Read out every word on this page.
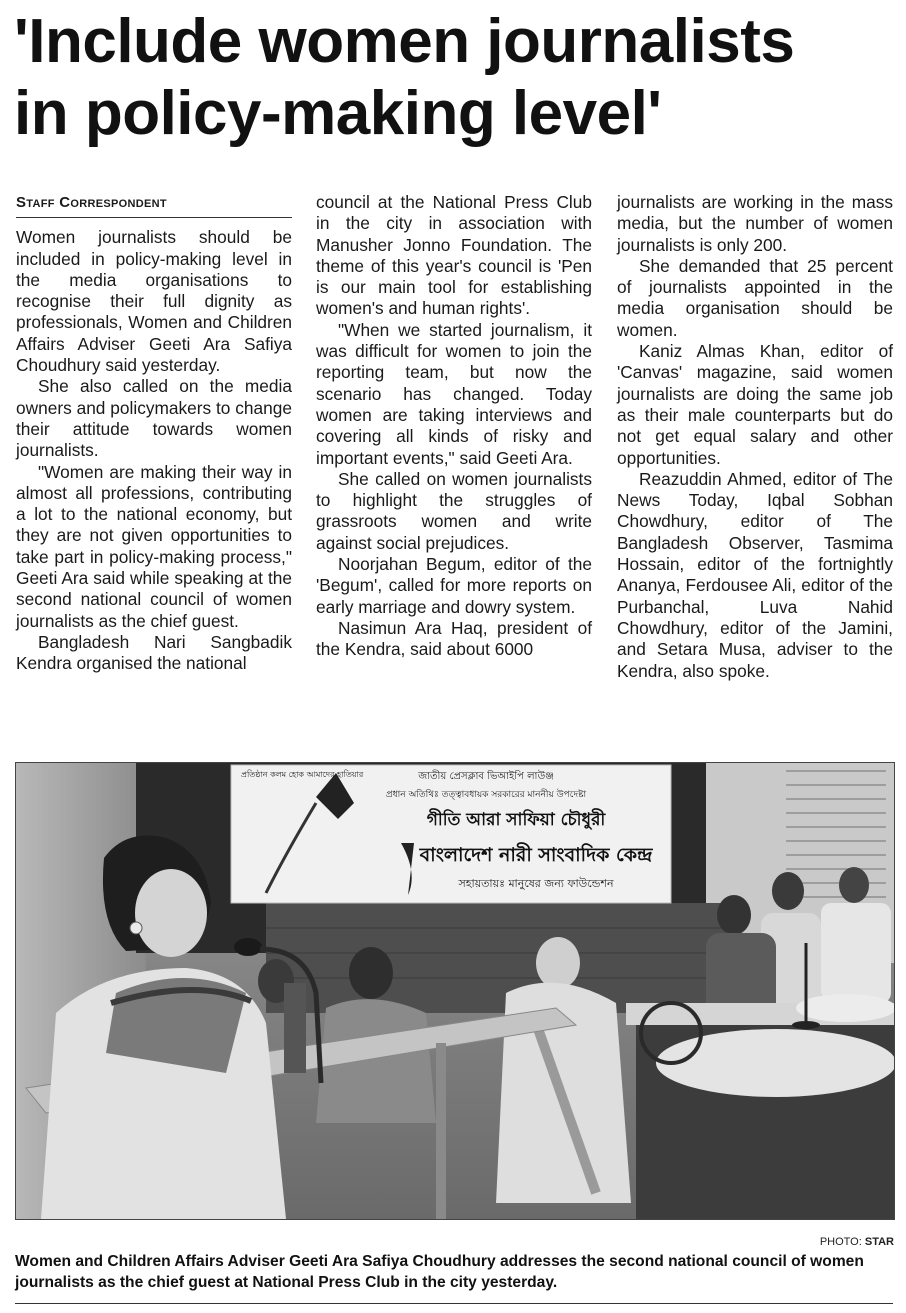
'Include women journalists
in policy-making level'
Staff Correspondent

Women journalists should be included in policy-making level in the media organisations to recognise their full dignity as professionals, Women and Children Affairs Adviser Geeti Ara Safiya Choudhury said yesterday.

She also called on the media owners and policymakers to change their attitude towards women journalists.

"Women are making their way in almost all professions, contributing a lot to the national economy, but they are not given opportunities to take part in policy-making process," Geeti Ara said while speaking at the second national council of women journalists as the chief guest.

Bangladesh Nari Sangbadik Kendra organised the national

council at the National Press Club in the city in association with Manusher Jonno Foundation. The theme of this year's council is 'Pen is our main tool for establishing women's and human rights'.

"When we started journalism, it was difficult for women to join the reporting team, but now the scenario has changed. Today women are taking interviews and covering all kinds of risky and important events," said Geeti Ara.

She called on women journalists to highlight the struggles of grassroots women and write against social prejudices.

Noorjahan Begum, editor of the 'Begum', called for more reports on early marriage and dowry system.

Nasimun Ara Haq, president of the Kendra, said about 6000

journalists are working in the mass media, but the number of women journalists is only 200.

She demanded that 25 percent of journalists appointed in the media organisation should be women.

Kaniz Almas Khan, editor of 'Canvas' magazine, said women journalists are doing the same job as their male counterparts but do not get equal salary and other opportunities.

Reazuddin Ahmed, editor of The News Today, Iqbal Sobhan Chowdhury, editor of The Bangladesh Observer, Tasmima Hossain, editor of the fortnightly Ananya, Ferdousee Ali, editor of the Purbanchal, Luva Nahid Chowdhury, editor of the Jamini, and Setara Musa, adviser to the Kendra, also spoke.

প্রতিষ্ঠান কলম হোক আমাদের হাতিয়ার	জাতীয় প্রেসক্লাব ভিআইপি লাউঞ্জ
প্রধান অতিথিঃ তত্ত্বাবধায়ক সরকারের মাননীয় উপদেষ্টা
গীতি আরা সাফিয়া চৌধুরী
বাংলাদেশ নারী সাংবাদিক কেন্দ্র
সহায়তায়ঃ মানুষের জন্য ফাউন্ডেশন
PHOTO: STAR
Women and Children Affairs Adviser Geeti Ara Safiya Choudhury addresses the second national council of women journalists as the chief guest at National Press Club in the city yesterday.
